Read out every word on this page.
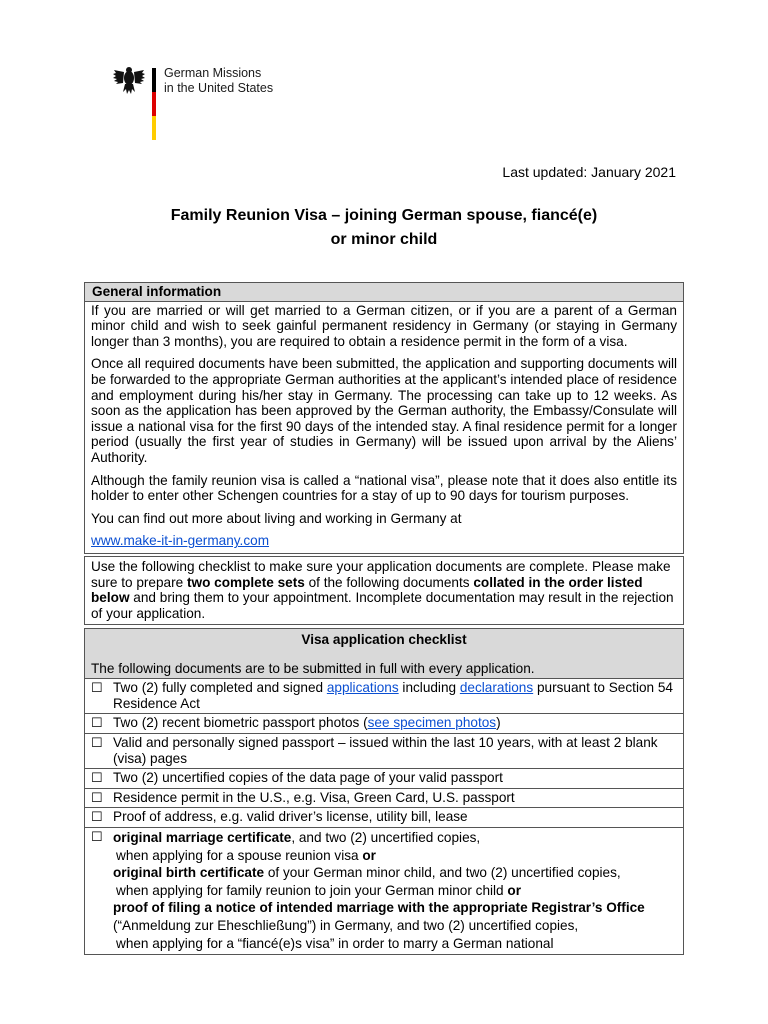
German Missions
in the United States
Last updated: January 2021
Family Reunion Visa – joining German spouse, fiancé(e)
or minor child
General information

If you are married or will get married to a German citizen, or if you are a parent of a German minor child and wish to seek gainful permanent residency in Germany (or staying in Germany longer than 3 months), you are required to obtain a residence permit in the form of a visa.

Once all required documents have been submitted, the application and supporting documents will be forwarded to the appropriate German authorities at the applicant’s intended place of residence and employment during his/her stay in Germany. The processing can take up to 12 weeks. As soon as the application has been approved by the German authority, the Embassy/Consulate will issue a national visa for the first 90 days of the intended stay. A final residence permit for a longer period (usually the first year of studies in Germany) will be issued upon arrival by the Aliens’ Authority.

Although the family reunion visa is called a “national visa”, please note that it does also entitle its holder to enter other Schengen countries for a stay of up to 90 days for tourism purposes.

You can find out more about living and working in Germany at

www.make-it-in-germany.com

Use the following checklist to make sure your application documents are complete. Please make sure to prepare two complete sets of the following documents collated in the order listed below and bring them to your appointment. Incomplete documentation may result in the rejection of your application.

Visa application checklist
The following documents are to be submitted in full with every application.
☐ Two (2) fully completed and signed applications including declarations pursuant to Section 54 Residence Act
☐ Two (2) recent biometric passport photos (see specimen photos)
☐ Valid and personally signed passport – issued within the last 10 years, with at least 2 blank (visa) pages
☐ Two (2) uncertified copies of the data page of your valid passport
☐ Residence permit in the U.S., e.g. Visa, Green Card, U.S. passport
☐ Proof of address, e.g. valid driver’s license, utility bill, lease
☐ original marriage certificate, and two (2) uncertified copies,
when applying for a spouse reunion visa or
original birth certificate of your German minor child, and two (2) uncertified copies,
when applying for family reunion to join your German minor child or
proof of filing a notice of intended marriage with the appropriate Registrar’s Office
(“Anmeldung zur Eheschließung”) in Germany, and two (2) uncertified copies,
when applying for a “fiancé(e)s visa” in order to marry a German national
